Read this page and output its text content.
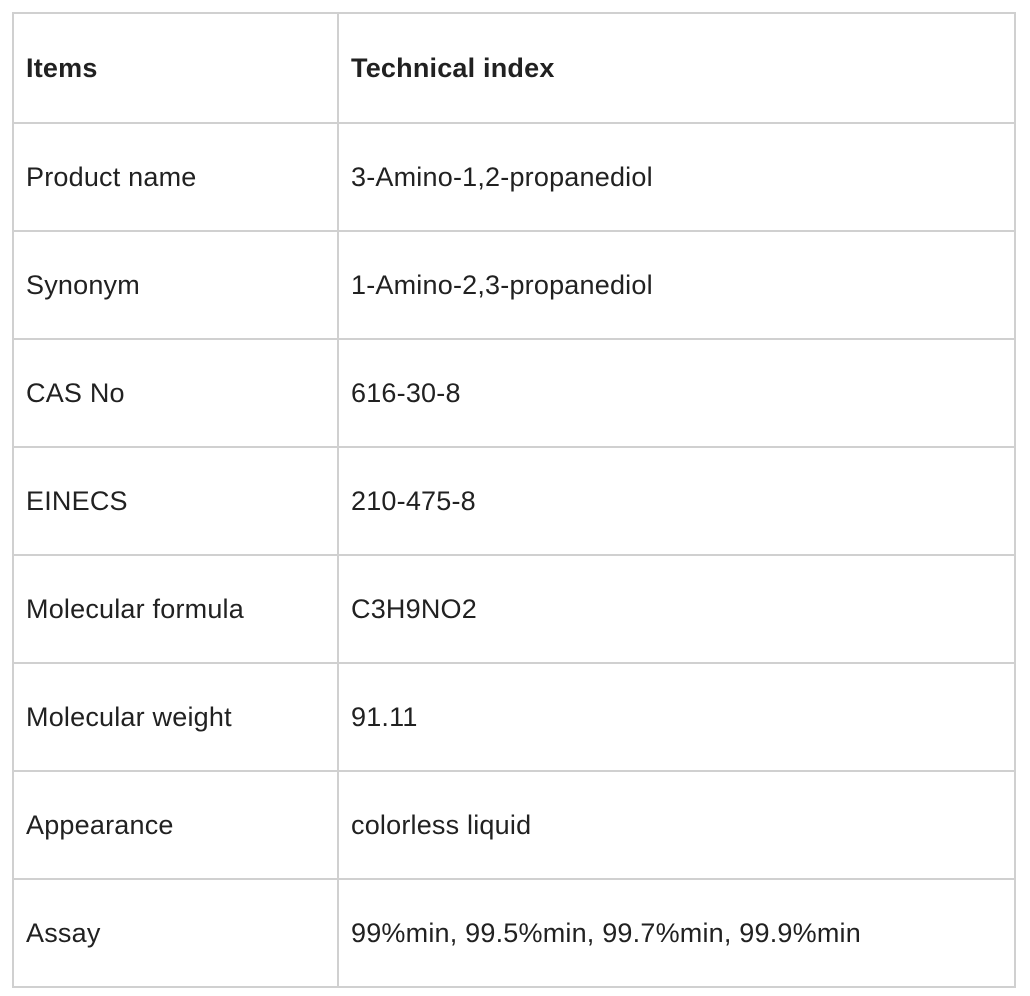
Items	Technical index
Product name	3-Amino-1,2-propanediol
Synonym	1-Amino-2,3-propanediol
CAS No	616-30-8
EINECS	210-475-8
Molecular formula	C3H9NO2
Molecular weight	91.11
Appearance	colorless liquid
Assay	99%min, 99.5%min, 99.7%min, 99.9%min
